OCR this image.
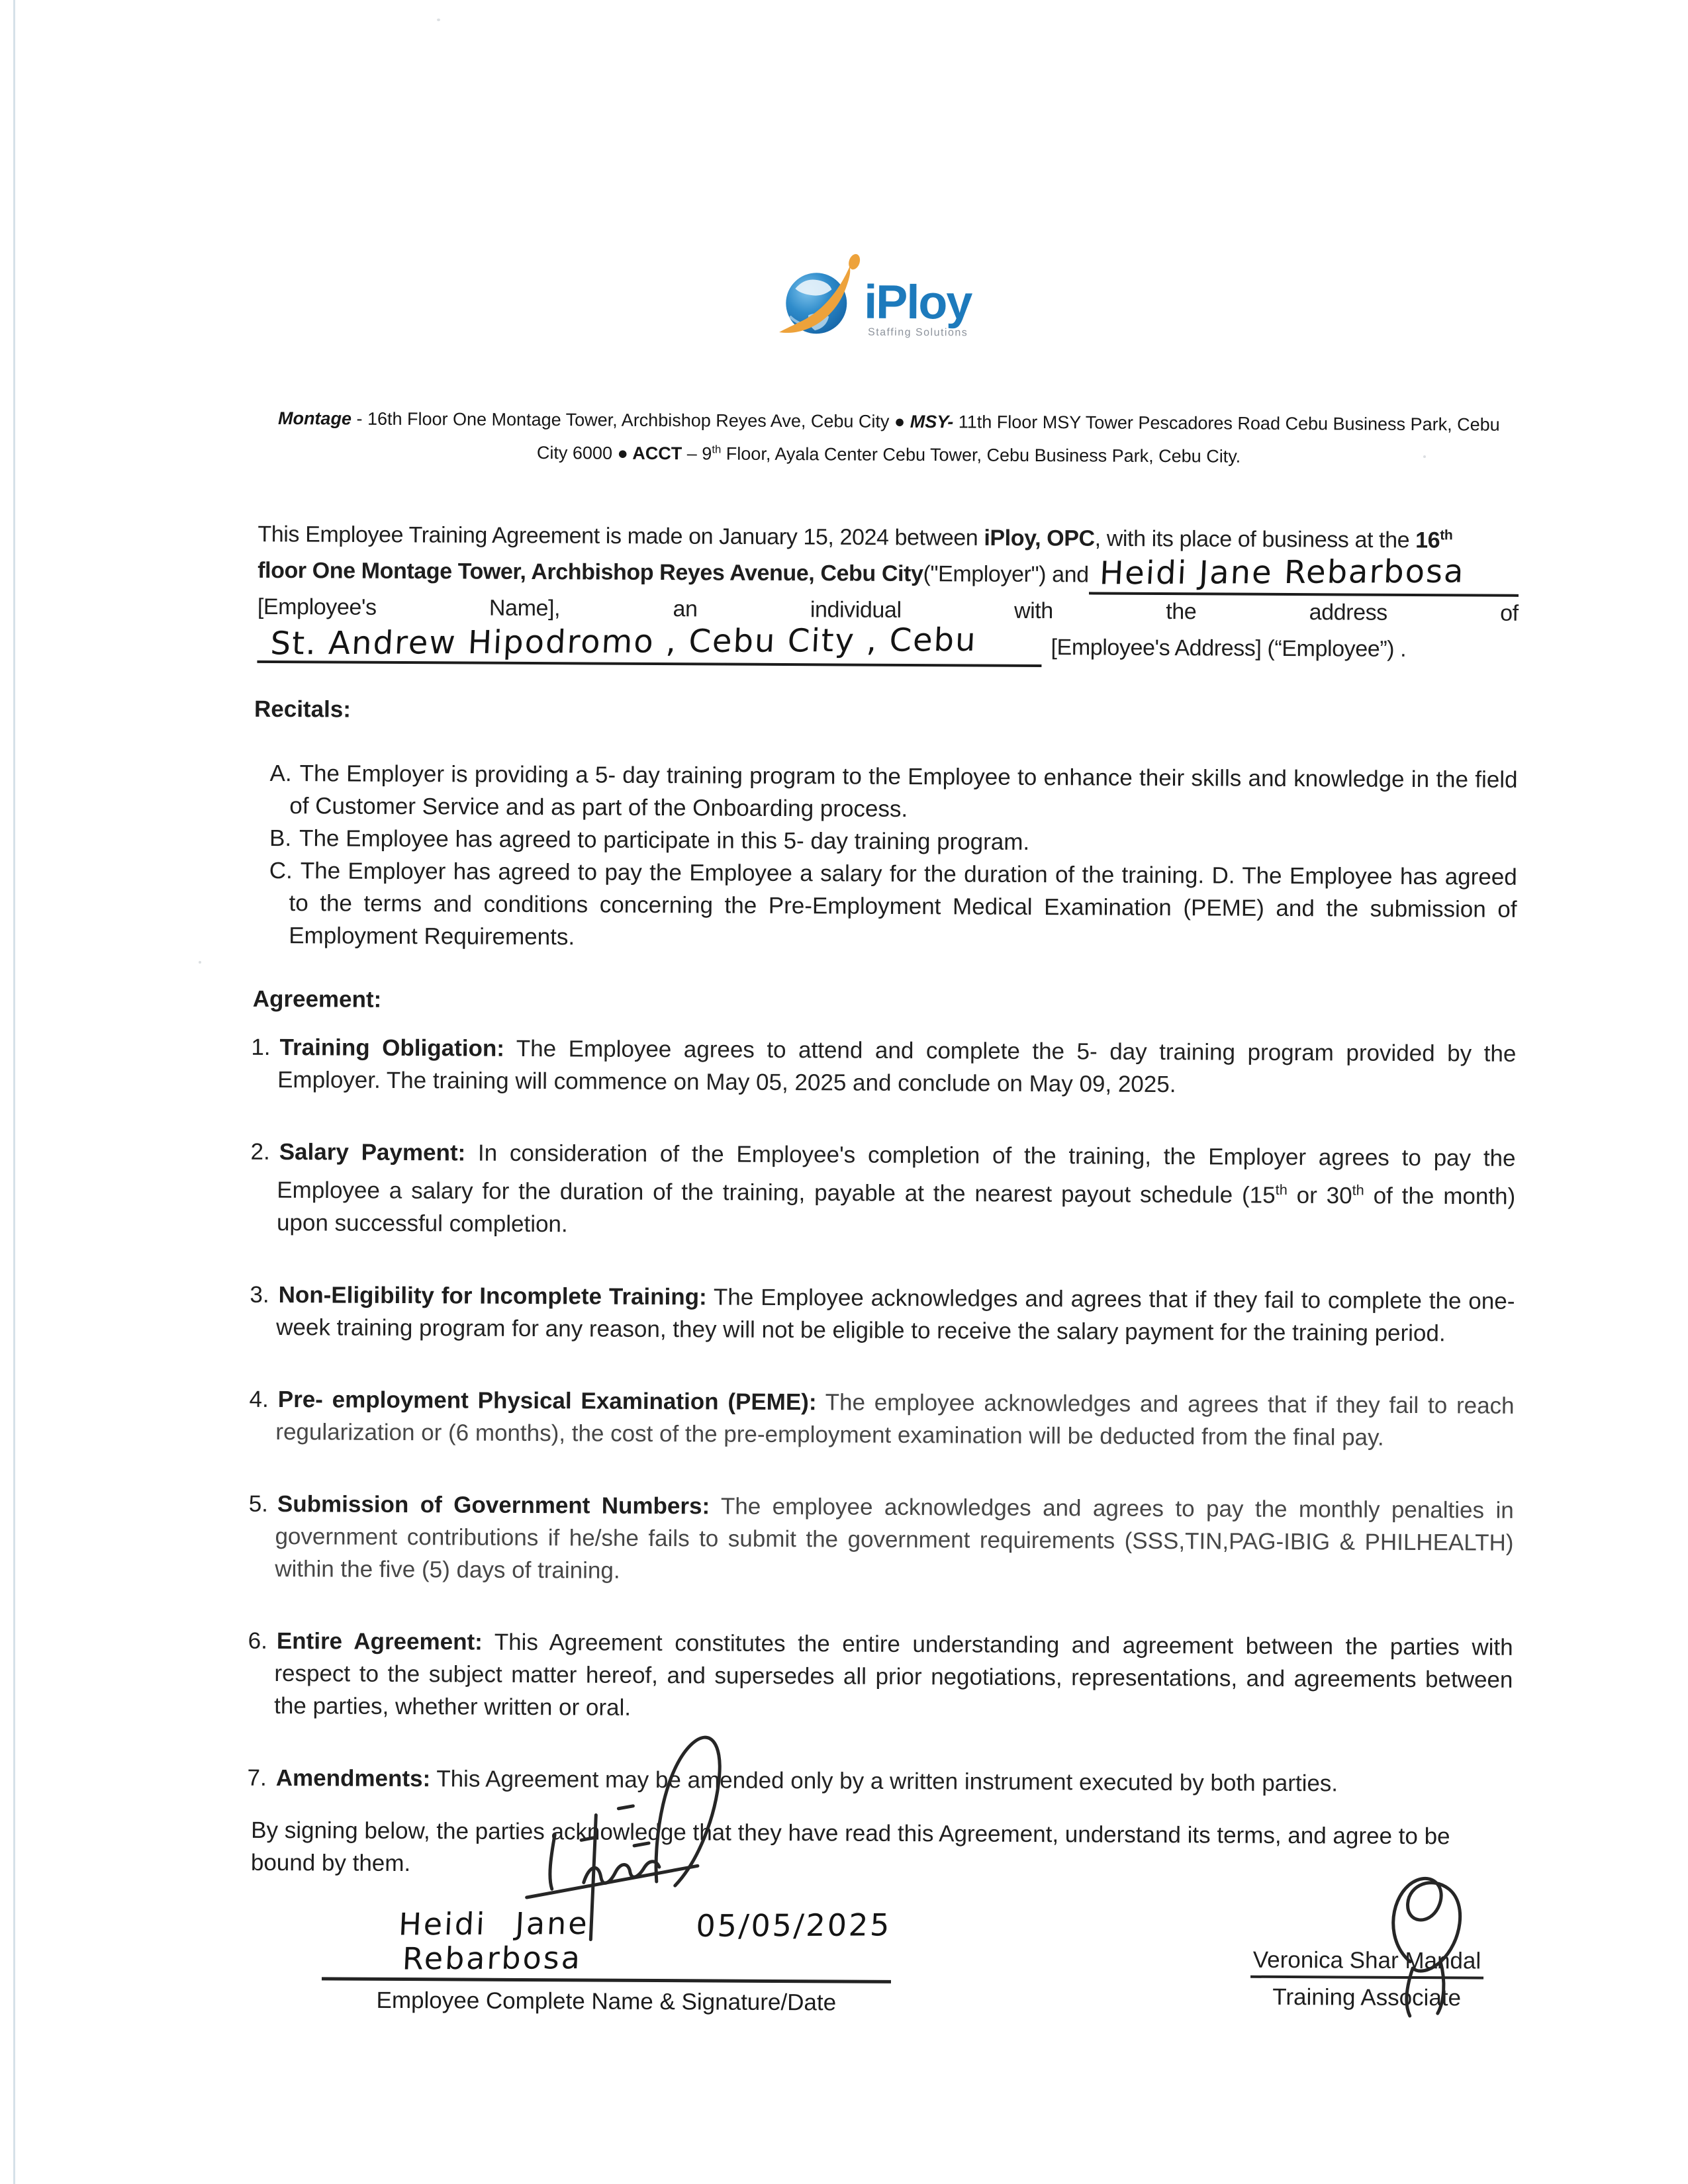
iPloy
Staffing Solutions
Montage - 16th Floor One Montage Tower, Archbishop Reyes Ave, Cebu City ● MSY- 11th Floor MSY Tower Pescadores Road Cebu Business Park, Cebu
City 6000 ● ACCT – 9th Floor, Ayala Center Cebu Tower, Cebu Business Park, Cebu City.
This Employee Training Agreement is made on January 15, 2024 between iPloy, OPC, with its place of business at the 16th
floor One Montage Tower, Archbishop Reyes Avenue, Cebu City ("Employer") and Heidi Jane Rebarbosa
[Employee's	Name],	an	individual	with	the	address	of
St. Andrew Hipodromo , Cebu City , Cebu	[Employee's Address] (“Employee”) .
Recitals:
A. The Employer is providing a 5- day training program to the Employee to enhance their skills and knowledge in the field of Customer Service and as part of the Onboarding process.
B. The Employee has agreed to participate in this 5- day training program.
C. The Employer has agreed to pay the Employee a salary for the duration of the training. D. The Employee has agreed to the terms and conditions concerning the Pre-Employment Medical Examination (PEME) and the submission of Employment Requirements.
Agreement:
1. Training Obligation: The Employee agrees to attend and complete the 5- day training program provided by the Employer. The training will commence on May 05, 2025 and conclude on May 09, 2025.
2. Salary Payment: In consideration of the Employee's completion of the training, the Employer agrees to pay the Employee a salary for the duration of the training, payable at the nearest payout schedule (15th or 30th of the month) upon successful completion.
3. Non-Eligibility for Incomplete Training: The Employee acknowledges and agrees that if they fail to complete the one-week training program for any reason, they will not be eligible to receive the salary payment for the training period.
4. Pre- employment Physical Examination (PEME): The employee acknowledges and agrees that if they fail to reach regularization or (6 months), the cost of the pre-employment examination will be deducted from the final pay.
5. Submission of Government Numbers: The employee acknowledges and agrees to pay the monthly penalties in government contributions if he/she fails to submit the government requirements (SSS,TIN,PAG-IBIG & PHILHEALTH) within the five (5) days of training.
6. Entire Agreement: This Agreement constitutes the entire understanding and agreement between the parties with respect to the subject matter hereof, and supersedes all prior negotiations, representations, and agreements between the parties, whether written or oral.
7. Amendments: This Agreement may be amended only by a written instrument executed by both parties.
By signing below, the parties acknowledge that they have read this Agreement, understand its terms, and agree to be bound by them.
Heidi Jane Rebarbosa
05/05/2025
Employee Complete Name & Signature/Date
Veronica Shar Mandal
Training Associate
